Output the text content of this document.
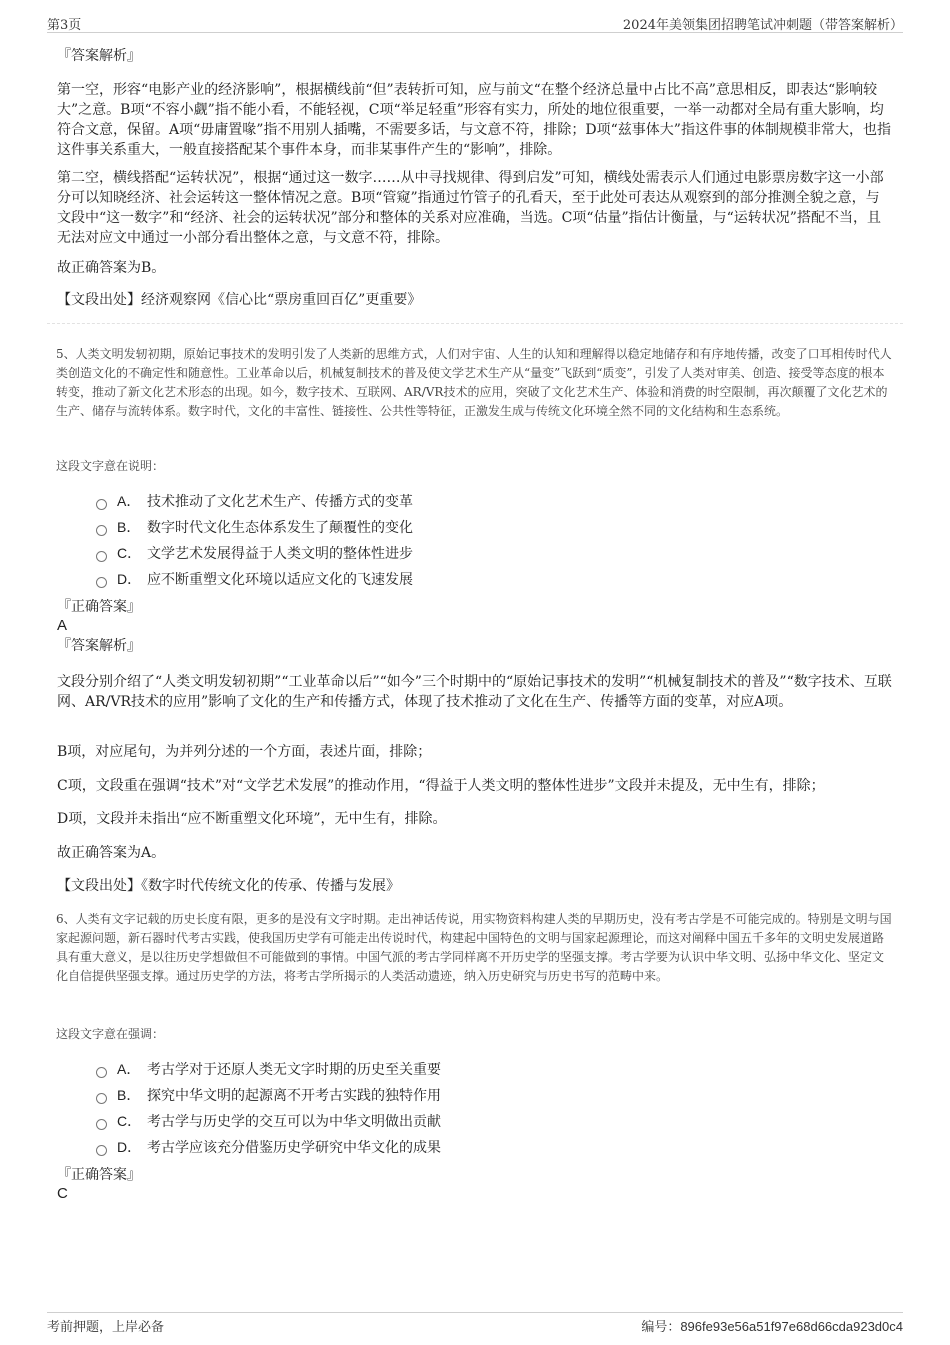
第3页	2024年美领集团招聘笔试冲刺题（带答案解析）
『答案解析』

第一空，形容“电影产业的经济影响”，根据横线前“但”表转折可知，应与前文“在整个经济总量中占比不高”意思相反，即表达“影响较大”之意。B项“不容小觑”指不能小看，不能轻视，C项“举足轻重”形容有实力，所处的地位很重要，一举一动都对全局有重大影响，均符合文意，保留。A项“毋庸置喙”指不用别人插嘴，不需要多话，与文意不符，排除；D项“兹事体大”指这件事的体制规模非常大，也指这件事关系重大，一般直接搭配某个事件本身，而非某事件产生的“影响”，排除。

第二空，横线搭配“运转状况”，根据“通过这一数字……从中寻找规律、得到启发”可知，横线处需表示人们通过电影票房数字这一小部分可以知晓经济、社会运转这一整体情况之意。B项“管窥”指通过竹管子的孔看天，至于此处可表达从观察到的部分推测全貌之意，与文段中“这一数字”和“经济、社会的运转状况”部分和整体的关系对应准确，当选。C项“估量”指估计衡量，与“运转状况”搭配不当，且无法对应文中通过一小部分看出整体之意，与文意不符，排除。

故正确答案为B。

【文段出处】经济观察网《信心比“票房重回百亿”更重要》

5、人类文明发轫初期，原始记事技术的发明引发了人类新的思维方式，人们对宇宙、人生的认知和理解得以稳定地储存和有序地传播，改变了口耳相传时代人类创造文化的不确定性和随意性。工业革命以后，机械复制技术的普及使文学艺术生产从“量变”飞跃到“质变”，引发了人类对审美、创造、接受等态度的根本转变，推动了新文化艺术形态的出现。如今，数字技术、互联网、AR/VR技术的应用，突破了文化艺术生产、体验和消费的时空限制，再次颠覆了文化艺术的生产、储存与流转体系。数字时代，文化的丰富性、链接性、公共性等特征，正激发生成与传统文化环境全然不同的文化结构和生态系统。

这段文字意在说明：

A． 技术推动了文化艺术生产、传播方式的变革
B． 数字时代文化生态体系发生了颠覆性的变化
C． 文学艺术发展得益于人类文明的整体性进步
D． 应不断重塑文化环境以适应文化的飞速发展
『正确答案』
A
『答案解析』

文段分别介绍了“人类文明发轫初期”“工业革命以后”“如今”三个时期中的“原始记事技术的发明”“机械复制技术的普及”“数字技术、互联网、AR/VR技术的应用”影响了文化的生产和传播方式，体现了技术推动了文化在生产、传播等方面的变革，对应A项。

B项，对应尾句，为并列分述的一个方面，表述片面，排除；

C项，文段重在强调“技术”对“文学艺术发展”的推动作用，“得益于人类文明的整体性进步”文段并未提及，无中生有，排除；

D项，文段并未指出“应不断重塑文化环境”，无中生有，排除。

故正确答案为A。

【文段出处】《数字时代传统文化的传承、传播与发展》

6、人类有文字记载的历史长度有限，更多的是没有文字时期。走出神话传说，用实物资料构建人类的早期历史，没有考古学是不可能完成的。特别是文明与国家起源问题，新石器时代考古实践，使我国历史学有可能走出传说时代，构建起中国特色的文明与国家起源理论，而这对阐释中国五千多年的文明史发展道路具有重大意义，是以往历史学想做但不可能做到的事情。中国气派的考古学同样离不开历史学的坚强支撑。考古学要为认识中华文明、弘扬中华文化、坚定文化自信提供坚强支撑。通过历史学的方法，将考古学所揭示的人类活动遗迹，纳入历史研究与历史书写的范畴中来。

这段文字意在强调：

A． 考古学对于还原人类无文字时期的历史至关重要
B． 探究中华文明的起源离不开考古实践的独特作用
C． 考古学与历史学的交互可以为中华文明做出贡献
D． 考古学应该充分借鉴历史学研究中华文化的成果
『正确答案』
C
考前押题，上岸必备	编号：896fe93e56a51f97e68d66cda923d0c4
